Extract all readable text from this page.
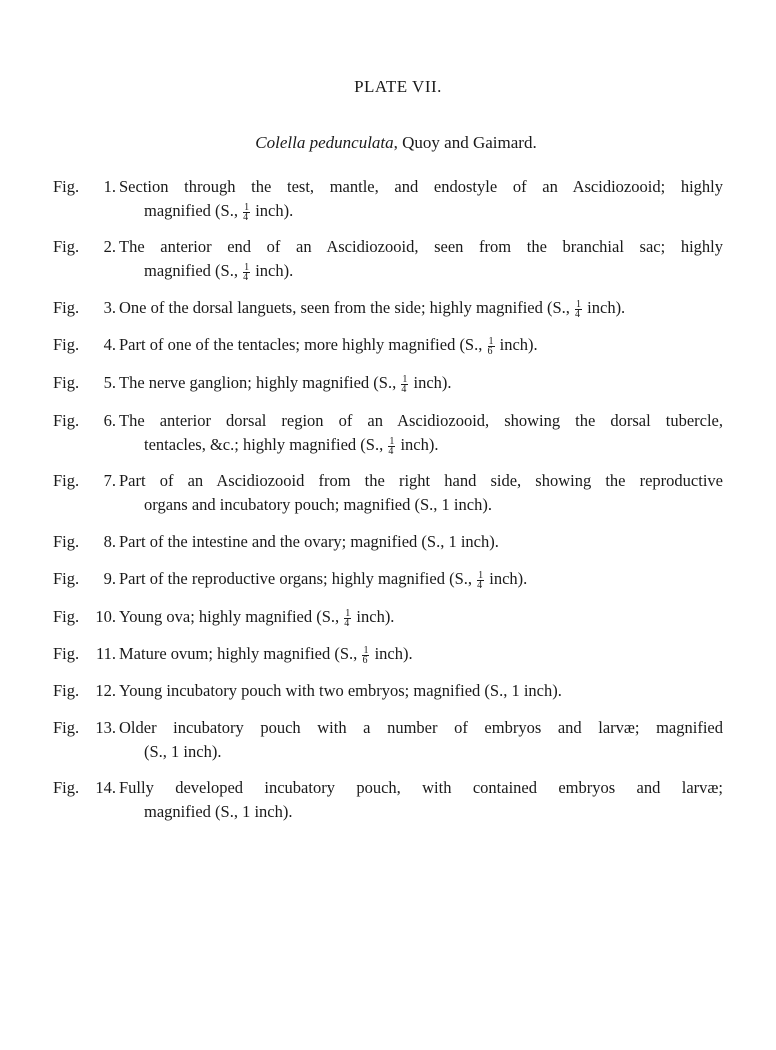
PLATE VII.
Colella pedunculata, Quoy and Gaimard.
Fig.	1. Section through the test, mantle, and endostyle of an Ascidiozooid; highly
magnified (S., $\frac{1}{4}$ inch).
Fig.	2. The anterior end of an Ascidiozooid, seen from the branchial sac; highly
magnified (S., $\frac{1}{4}$ inch).
Fig.	3. One of the dorsal languets, seen from the side; highly magnified (S., $\frac{1}{4}$ inch).
Fig.	4. Part of one of the tentacles; more highly magnified (S., $\frac{1}{6}$ inch).
Fig.	5. The nerve ganglion; highly magnified (S., $\frac{1}{4}$ inch).
Fig.	6. The anterior dorsal region of an Ascidiozooid, showing the dorsal tubercle,
tentacles, &c.; highly magnified (S., $\frac{1}{4}$ inch).
Fig.	7. Part of an Ascidiozooid from the right hand side, showing the reproductive
organs and incubatory pouch; magnified (S., 1 inch).
Fig.	8. Part of the intestine and the ovary; magnified (S., 1 inch).
Fig.	9. Part of the reproductive organs; highly magnified (S., $\frac{1}{4}$ inch).
Fig. 10. Young ova; highly magnified (S., $\frac{1}{4}$ inch).
Fig.	11. Mature ovum; highly magnified (S., $\frac{1}{6}$ inch).
Fig. 12. Young incubatory pouch with two embryos; magnified (S., 1 inch).
Fig. 13. Older incubatory pouch with a number of embryos and larvæ; magnified
(S., 1 inch).
Fig. 14. Fully developed incubatory pouch, with contained embryos and larvæ;
magnified (S., 1 inch).
